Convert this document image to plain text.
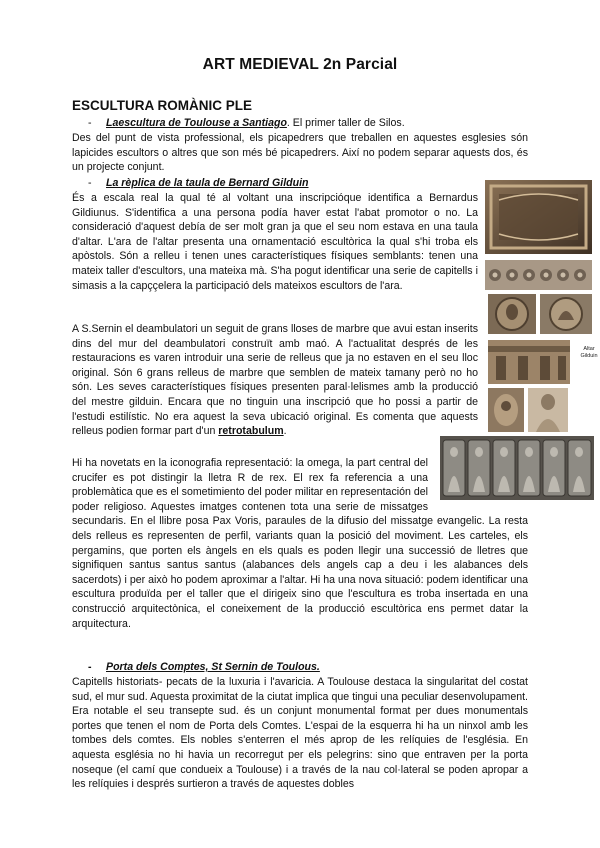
ART MEDIEVAL 2n Parcial
ESCULTURA ROMÀNIC PLE
- Laescultura de Toulouse a Santiago. El primer taller de Silos.

Des del punt de vista professional, els picapedrers que treballen en aquestes esglesies són lapicides escultors o altres que son més bé picapedrers. Així no podem separar aquests dos, és un projecte conjunt.

- La rèplica de la taula de Bernard Gilduin

És a escala real la qual té al voltant una inscripcióque identifica a Bernardus Gildiunus. S'identifica a una persona podía haver estat l'abat promotor o no. La consideració d'aquest debía de ser molt gran ja que el seu nom estava en una taula d'altar. L'ara de l'altar presenta una ornamentació escultòrica la qual s'hi troba els apòstols. Són a relleu i tenen unes característiques físiques semblants: tenen una mateix taller d'escultors, una mateixa mà. S'ha pogut identificar una serie de capitells i simasis a la capççelera la participació dels mateixos escultors de l'ara.

A S.Sernin el deambulatori un seguit de grans lloses de marbre que avui estan inserits dins del mur del deambulatori construït amb maó. A l'actualitat després de les restauracions es varen introduir una serie de relleus que ja no estaven en el seu lloc original. Són 6 grans relleus de marbre que semblen de mateix tamany però no ho són. Les seves característiques físiques presenten paral·lelismes amb la producció del mestre gilduin. Encara que no tinguin una inscripció que ho possi a partir de l'estudi estilístic. No era aquest la seva ubicació original. Es comenta que aquests relleus podien formar part d'un retrotabulum.

Hi ha novetats en la iconografia representació: la omega, la part central del crucifer es pot distingir la lletra R de rex. El rex fa referencia a una problemàtica que es el sometimiento del poder militar en representación del poder religioso. Aquestes imatges contenen tota una serie de missatges secundaris. En el llibre posa Pax Voris, paraules de la difusio del missatge evangelic. La resta dels relleus es representen de perfil, variants quan la posició del moviment. Les carteles, els pergamins, que porten els àngels en els quals es poden llegir una successió de lletres que signifiquen santus santus santus (alabances dels angels cap a deu i les alabances dels sacerdots) i per això ho podem aproximar a l'altar. Hi ha una nova situació: podem identificar una escultura produïda per el taller que el dirigeix sino que l'escultura es troba insertada en una construcció arquitectònica, el coneixement de la producció escultòrica ens permet datar la arquitectura.
- Porta dels Comptes, St Sernin de Toulous.

Capitells historiats- pecats de la luxuria i l'avaricia. A Toulouse destaca la singularitat del costat sud, el mur sud. Aquesta proximitat de la ciutat implica que tingui una peculiar desenvolupament. Era notable el seu transepte sud. és un conjunt monumental format per dues monumentals portes que tenen el nom de Porta dels Comtes. L'espai de la esquerra hi ha un ninxol amb les tombes dels comtes. Els nobles s'enterren el més aprop de les relíquies de l'església. En aquesta església no hi havia un recorregut per els pelegrins: sino que entraven per la porta noseque (el camí que condueix a Toulouse) i a través de la nau col·lateral se poden apropar a les relíquies i després surtieron a través de aquestes dobles

Altar Gilduin
